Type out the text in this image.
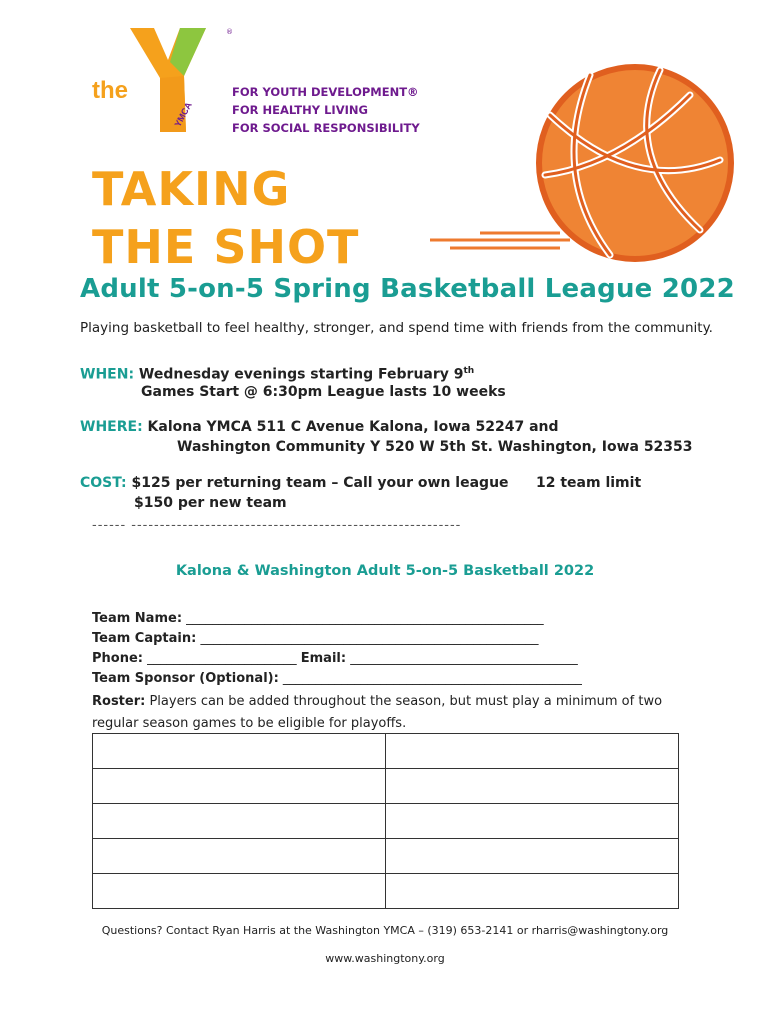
the
YMCA
®
FOR YOUTH DEVELOPMENT®
FOR HEALTHY LIVING
FOR SOCIAL RESPONSIBILITY
TAKING
THE SHOT
Adult 5-on-5 Spring Basketball League 2022
Playing basketball to feel healthy, stronger, and spend time with friends from the community.
WHEN: Wednesday evenings starting February 9th
Games Start @ 6:30pm League lasts 10 weeks
WHERE: Kalona YMCA 511 C Avenue Kalona, Iowa 52247 and
Washington Community Y 520 W 5th St. Washington, Iowa 52353
COST: $125 per returning team – Call your own league 12 team limit
$150 per new team
------ ----------------------------------------------------------
Kalona & Washington Adult 5-on-5 Basketball 2022
Team Name: _______________________________________________________
Team Captain: ____________________________________________________
Phone: _______________________ Email: ___________________________________
Team Sponsor (Optional): ______________________________________________
Roster: Players can be added throughout the season, but must play a minimum of two regular season games to be eligible for playoffs.

Questions? Contact Ryan Harris at the Washington YMCA – (319) 653-2141 or rharris@washingtony.org
www.washingtony.org
